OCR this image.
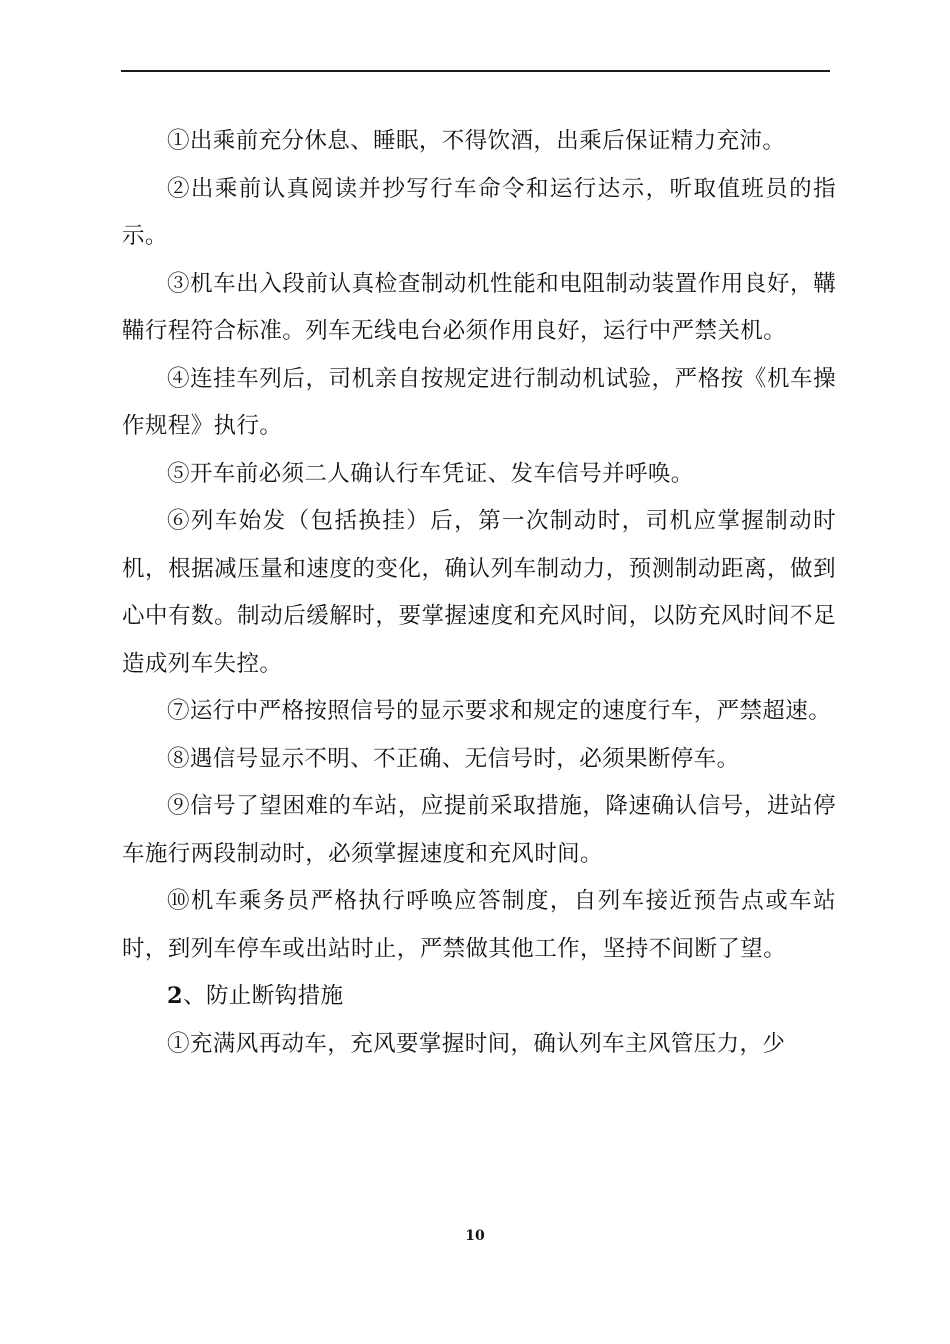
①出乘前充分休息、睡眠，不得饮酒，出乘后保证精力充沛。

②出乘前认真阅读并抄写行车命令和运行达示，听取值班员的指示。

③机车出入段前认真检查制动机性能和电阻制动装置作用良好，鞲鞴行程符合标准。列车无线电台必须作用良好，运行中严禁关机。

④连挂车列后，司机亲自按规定进行制动机试验，严格按《机车操作规程》执行。

⑤开车前必须二人确认行车凭证、发车信号并呼唤。

⑥列车始发（包括换挂）后，第一次制动时，司机应掌握制动时机，根据减压量和速度的变化，确认列车制动力，预测制动距离，做到心中有数。制动后缓解时，要掌握速度和充风时间，以防充风时间不足造成列车失控。

⑦运行中严格按照信号的显示要求和规定的速度行车，严禁超速。

⑧遇信号显示不明、不正确、无信号时，必须果断停车。

⑨信号了望困难的车站，应提前采取措施，降速确认信号，进站停车施行两段制动时，必须掌握速度和充风时间。

⑩机车乘务员严格执行呼唤应答制度，自列车接近预告点或车站时，到列车停车或出站时止，严禁做其他工作，坚持不间断了望。

2、防止断钩措施

①充满风再动车，充风要掌握时间，确认列车主风管压力，少

10
